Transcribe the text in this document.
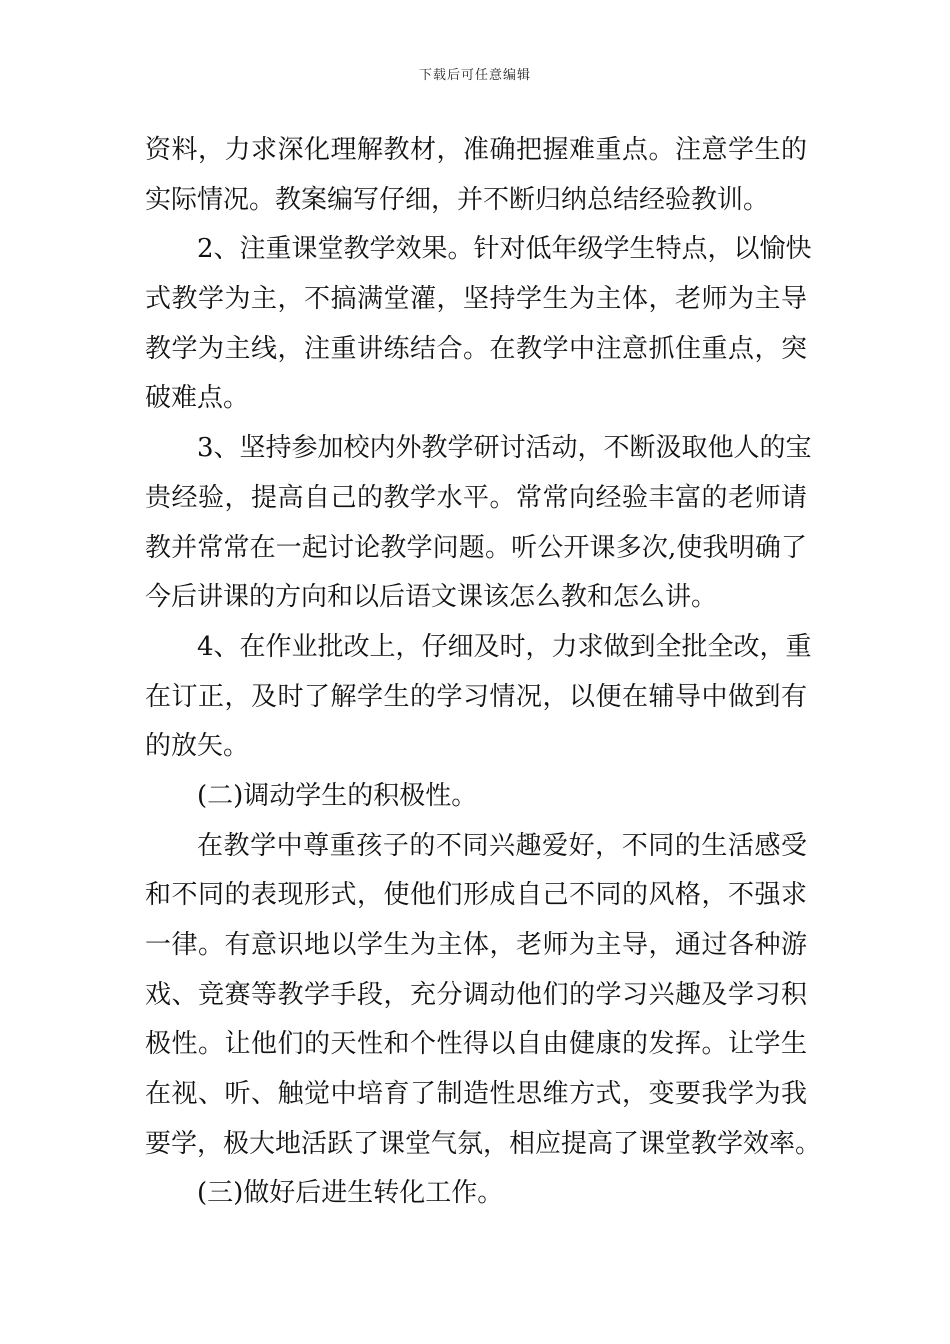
下载后可任意编辑
资料，力求深化理解教材，准确把握难重点。注意学生的
实际情况。教案编写仔细，并不断归纳总结经验教训。
2、注重课堂教学效果。针对低年级学生特点，以愉快
式教学为主，不搞满堂灌，坚持学生为主体，老师为主导
教学为主线，注重讲练结合。在教学中注意抓住重点，突
破难点。
3、坚持参加校内外教学研讨活动，不断汲取他人的宝
贵经验，提高自己的教学水平。常常向经验丰富的老师请
教并常常在一起讨论教学问题。听公开课多次,使我明确了
今后讲课的方向和以后语文课该怎么教和怎么讲。
4、在作业批改上，仔细及时，力求做到全批全改，重
在订正，及时了解学生的学习情况，以便在辅导中做到有
的放矢。
(二)调动学生的积极性。
在教学中尊重孩子的不同兴趣爱好，不同的生活感受
和不同的表现形式，使他们形成自己不同的风格，不强求
一律。有意识地以学生为主体，老师为主导，通过各种游
戏、竞赛等教学手段，充分调动他们的学习兴趣及学习积
极性。让他们的天性和个性得以自由健康的发挥。让学生
在视、听、触觉中培育了制造性思维方式，变要我学为我
要学，极大地活跃了课堂气氛，相应提高了课堂教学效率。
(三)做好后进生转化工作。
